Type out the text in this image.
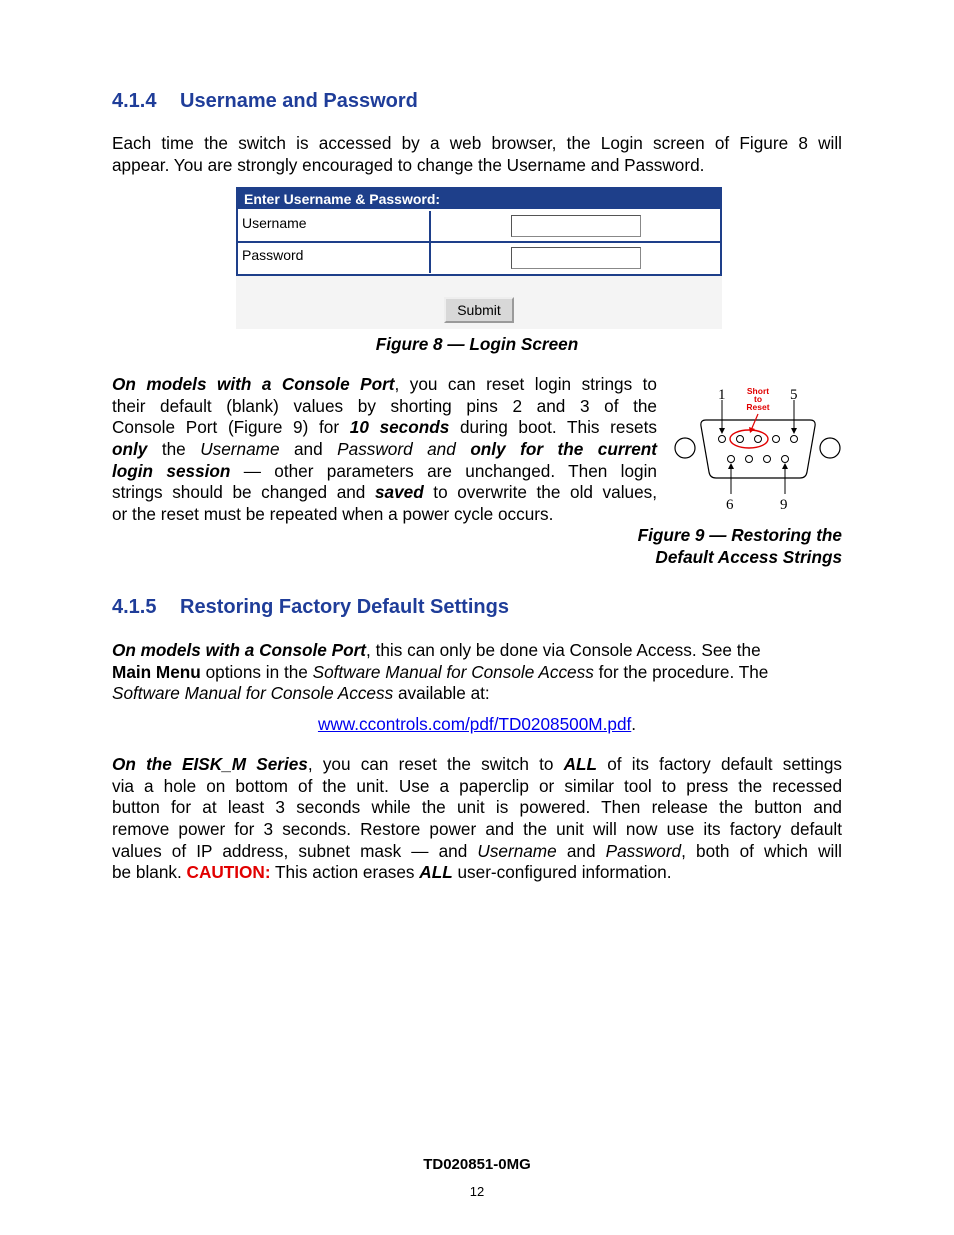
4.1.4 Username and Password
Each time the switch is accessed by a web browser, the Login screen of Figure 8 will
appear. You are strongly encouraged to change the Username and Password.
Enter Username & Password:
Username
Password
Submit
Figure 8 — Login Screen
On models with a Console Port, you can reset login strings to
their default (blank) values by shorting pins 2 and 3 of the
Console Port (Figure 9) for 10 seconds during boot. This resets
only the Username and Password and only for the current
login session — other parameters are unchanged. Then login
strings should be changed and saved to overwrite the old values,
or the reset must be repeated when a power cycle occurs.
1	5
6	9
Short
to
Reset
Figure 9 — Restoring the
Default Access Strings
4.1.5 Restoring Factory Default Settings
On models with a Console Port, this can only be done via Console Access. See the
Main Menu options in the Software Manual for Console Access for the procedure. The
Software Manual for Console Access available at:
www.ccontrols.com/pdf/TD0208500M.pdf.
On the EISK_M Series, you can reset the switch to ALL of its factory default settings
via a hole on bottom of the unit. Use a paperclip or similar tool to press the recessed
button for at least 3 seconds while the unit is powered. Then release the button and
remove power for 3 seconds. Restore power and the unit will now use its factory default
values of IP address, subnet mask — and Username and Password, both of which will
be blank. CAUTION: This action erases ALL user-configured information.
TD020851-0MG
12
